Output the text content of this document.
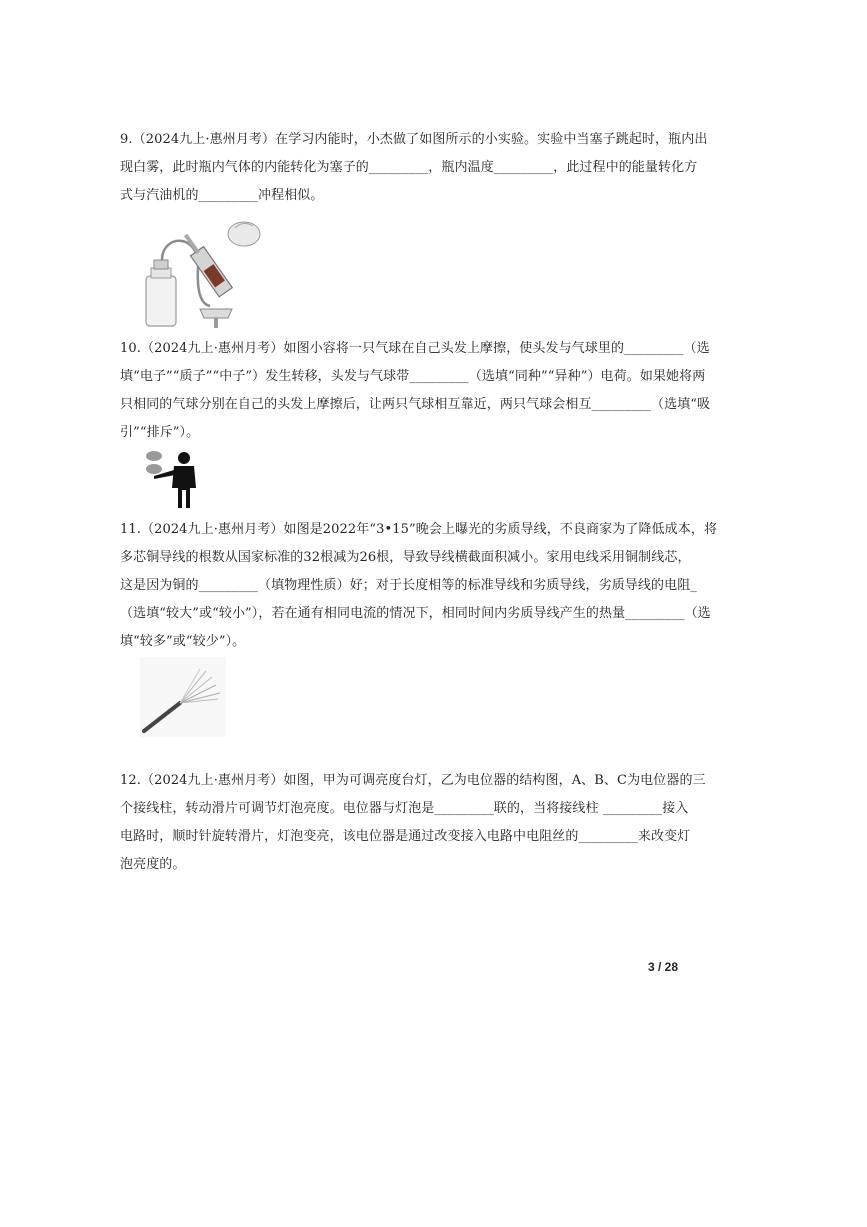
9.（2024九上·惠州月考）在学习内能时，小杰做了如图所示的小实验。实验中当塞子跳起时，瓶内出
现白雾，此时瓶内气体的内能转化为塞子的_________，瓶内温度_________，此过程中的能量转化方
式与汽油机的_________冲程相似。
10.（2024九上·惠州月考）如图小容将一只气球在自己头发上摩擦，使头发与气球里的_________（选
填“电子”“质子”“中子”）发生转移，头发与气球带_________（选填“同种”“异种”）电荷。如果她将两
只相同的气球分别在自己的头发上摩擦后，让两只气球相互靠近，两只气球会相互_________（选填“吸
引”“排斥”）。
11.（2024九上·惠州月考）如图是2022年“3•15”晚会上曝光的劣质导线，不良商家为了降低成本，将
多芯铜导线的根数从国家标准的32根减为26根，导致导线横截面积减小。家用电线采用铜制线芯，
这是因为铜的_________（填物理性质）好；对于长度相等的标准导线和劣质导线，劣质导线的电阻_
（选填“较大”或“较小”），若在通有相同电流的情况下，相同时间内劣质导线产生的热量_________（选
填“较多”或“较少”）。
12.（2024九上·惠州月考）如图，甲为可调亮度台灯，乙为电位器的结构图，A、B、C为电位器的三
个接线柱，转动滑片可调节灯泡亮度。电位器与灯泡是_________联的，当将接线柱 _________接入
电路时，顺时针旋转滑片，灯泡变亮，该电位器是通过改变接入电路中电阻丝的_________来改变灯
泡亮度的。
3 / 28
